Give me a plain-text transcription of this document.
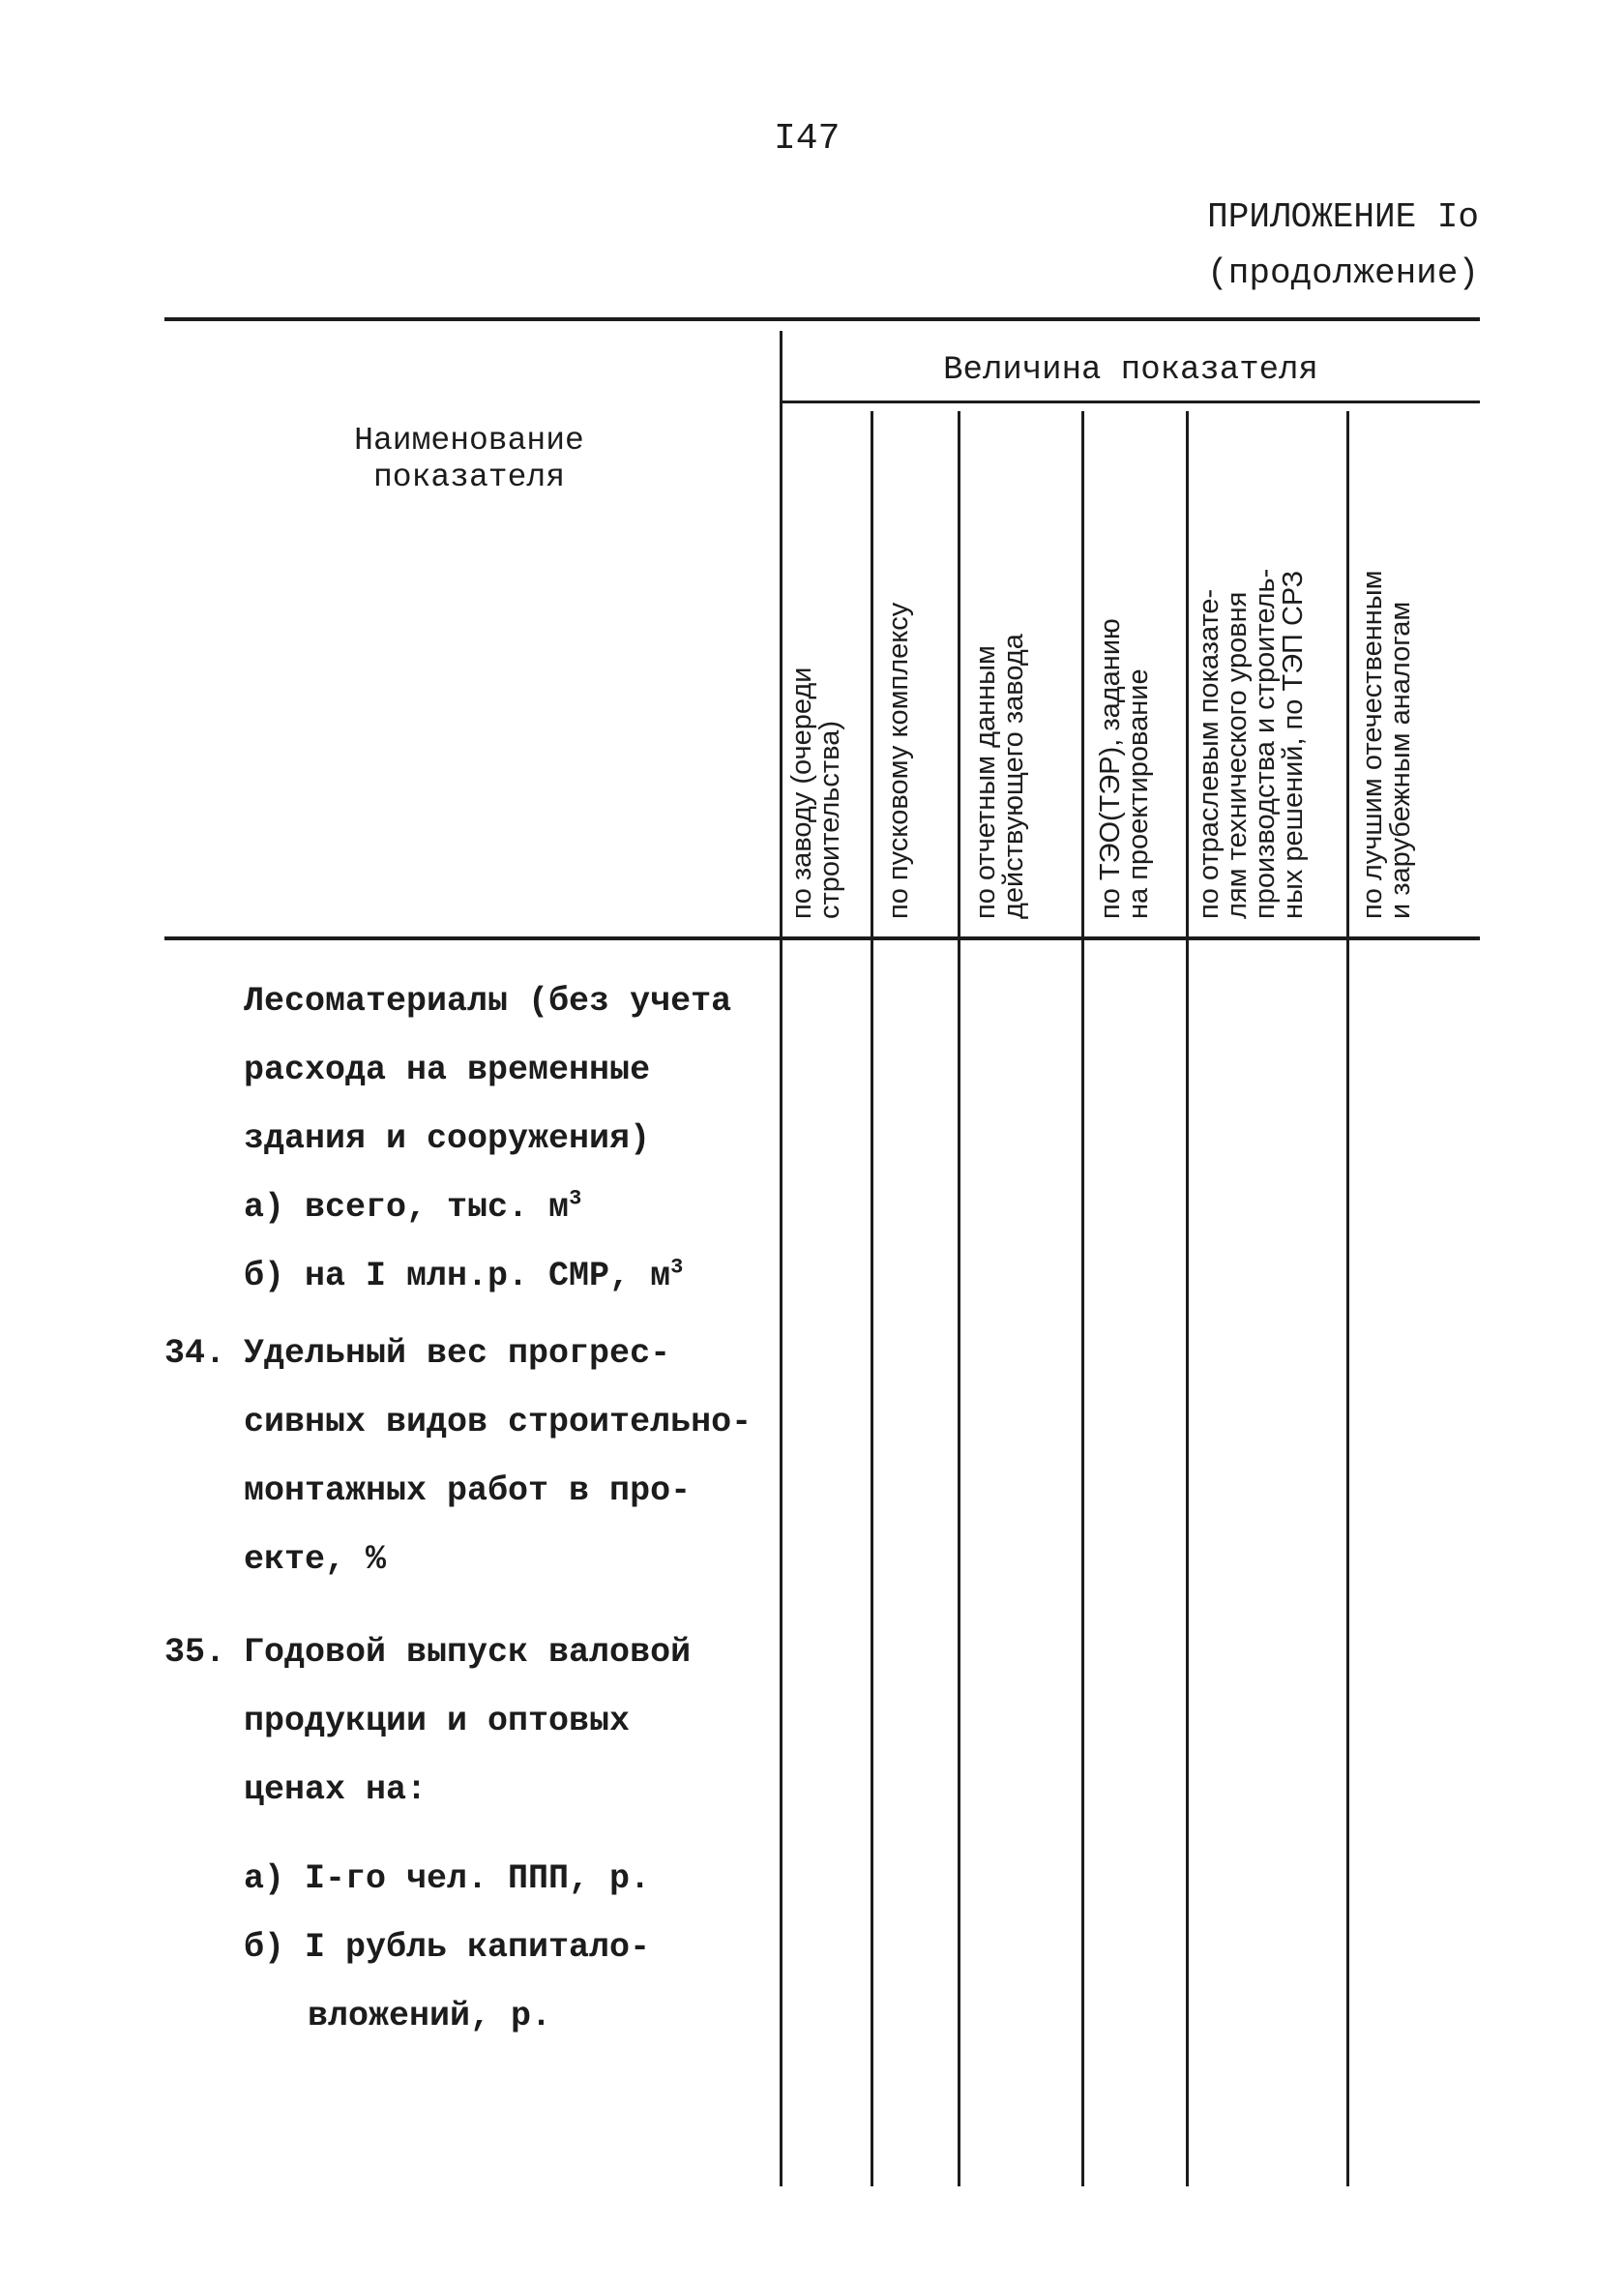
I47
ПРИЛОЖЕНИЕ Iо
(продолжение)
Наименование
показателя
Величина показателя
по заводу (очереди
строительства)	по пусковому комплексу	по отчетным данным
действующего завода
по ТЭО(ТЭР), заданию
на проектирование
по отраслевым показате-
лям технического уровня
производства и строитель-
ных решений, по ТЭП СРЗ
по лучшим отечественным
и зарубежным аналогам
Лесоматериалы (без учета
расхода на временные
здания и сооружения)
а) всего, тыс. $м^3$
б) на I млн.р. СМР, $м^3$
34. Удельный вес прогрес-
сивных видов строительно-
монтажных работ в про-
екте, %
35. Годовой выпуск валовой
продукции и оптовых
ценах на:
а) I-го чел. ППП, р.
б) I рубль капитало-
вложений, р.
